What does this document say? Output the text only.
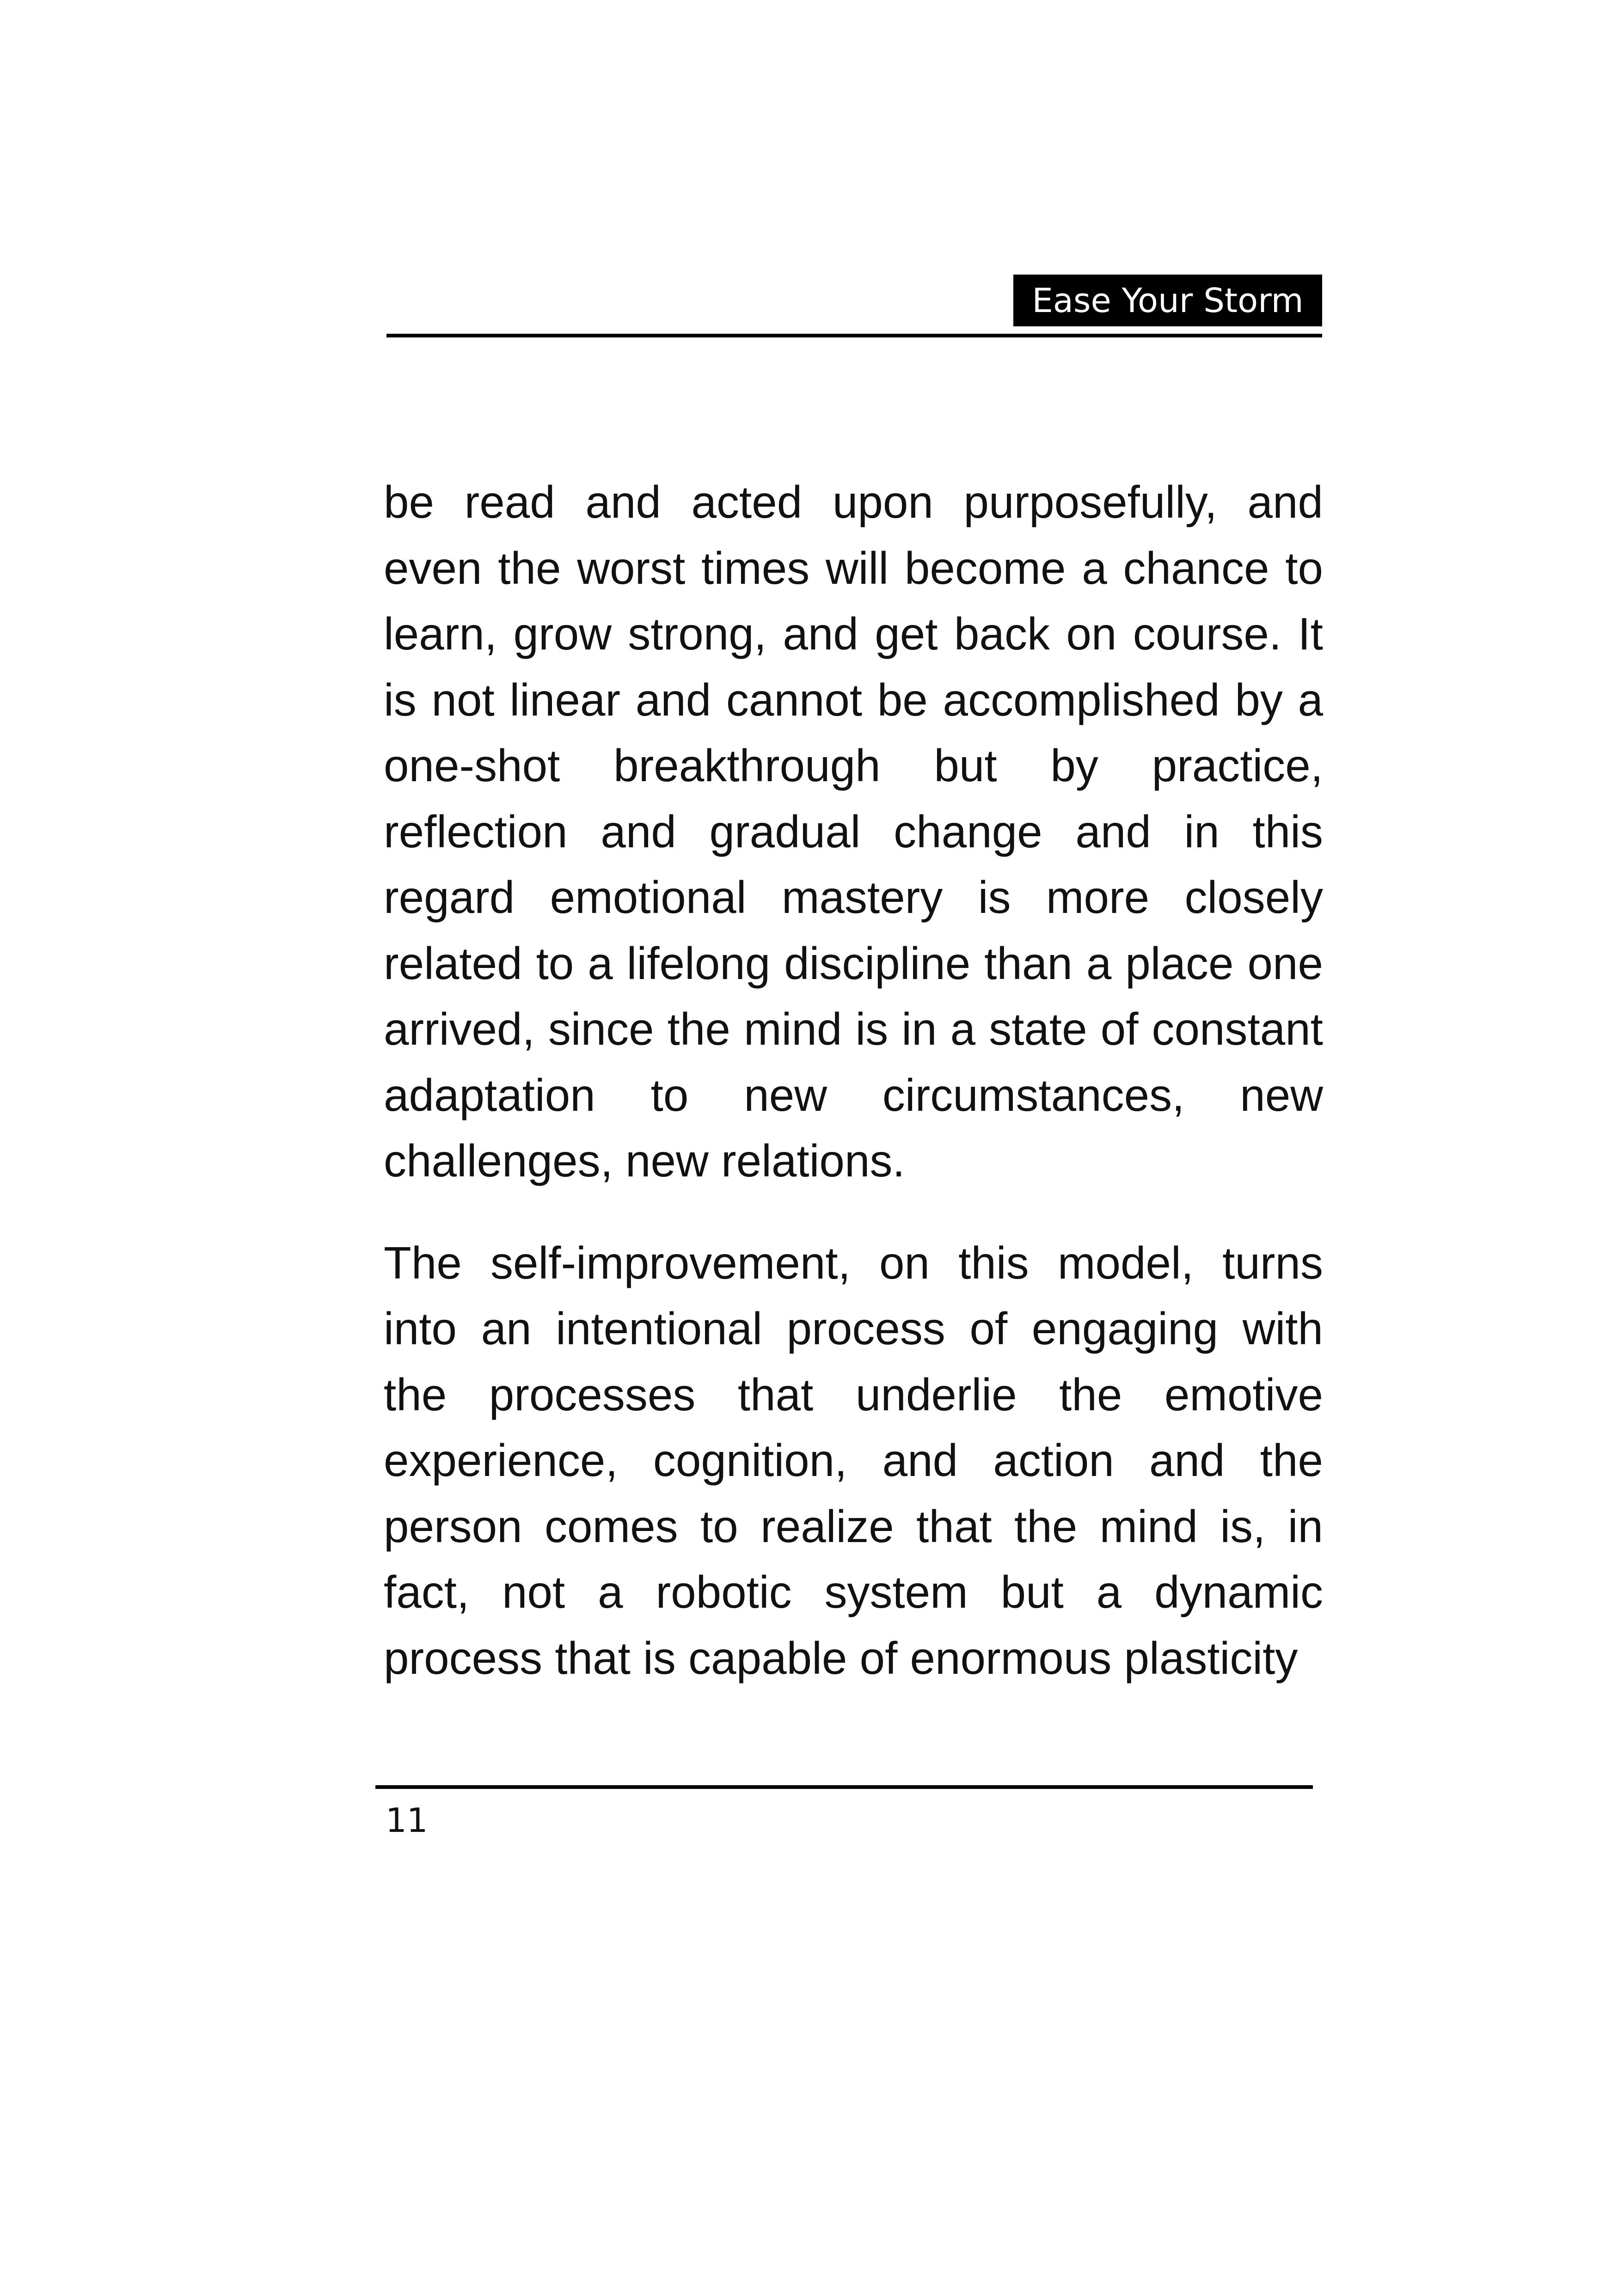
Ease Your Storm

be read and acted upon purposefully, and even the worst times will become a chance to learn, grow strong, and get back on course. It is not linear and cannot be accomplished by a one-shot breakthrough but by practice, reflection and gradual change and in this regard emotional mastery is more closely related to a lifelong discipline than a place one arrived, since the mind is in a state of constant adaptation to new circumstances, new challenges, new relations.

The self-improvement, on this model, turns into an intentional process of engaging with the processes that underlie the emotive experience, cognition, and action and the person comes to realize that the mind is, in fact, not a robotic system but a dynamic process that is capable of enormous plasticity

11
